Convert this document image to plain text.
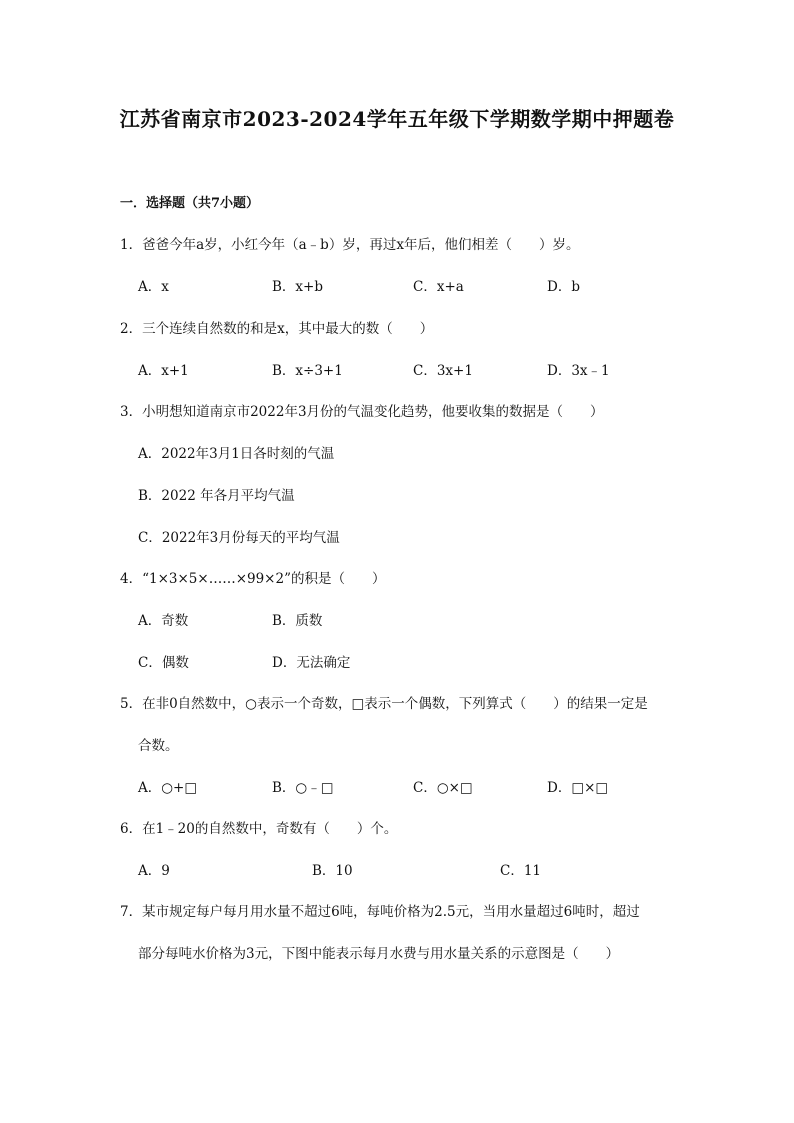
江苏省南京市2023-2024学年五年级下学期数学期中押题卷
一．选择题（共7小题）
1．爸爸今年a岁，小红今年（a﹣b）岁，再过x年后，他们相差（　　）岁。
A．x	B．x+b	C．x+a	D．b
2．三个连续自然数的和是x，其中最大的数（　　）
A．x+1	B．x÷3+1	C．3x+1	D．3x﹣1
3．小明想知道南京市2022年3月份的气温变化趋势，他要收集的数据是（　　）
A．2022年3月1日各时刻的气温
B．2022 年各月平均气温
C．2022年3月份每天的平均气温
4．“1×3×5×……×99×2”的积是（　　）
A．奇数	B．质数
C．偶数	D．无法确定
5．在非0自然数中，○表示一个奇数，□表示一个偶数，下列算式（　　）的结果一定是
合数。
A．○+□	B．○﹣□	C．○×□	D．□×□
6．在1﹣20的自然数中，奇数有（　　）个。
A．9	B．10	C．11
7．某市规定每户每月用水量不超过6吨，每吨价格为2.5元，当用水量超过6吨时，超过
部分每吨水价格为3元，下图中能表示每月水费与用水量关系的示意图是（　　）
